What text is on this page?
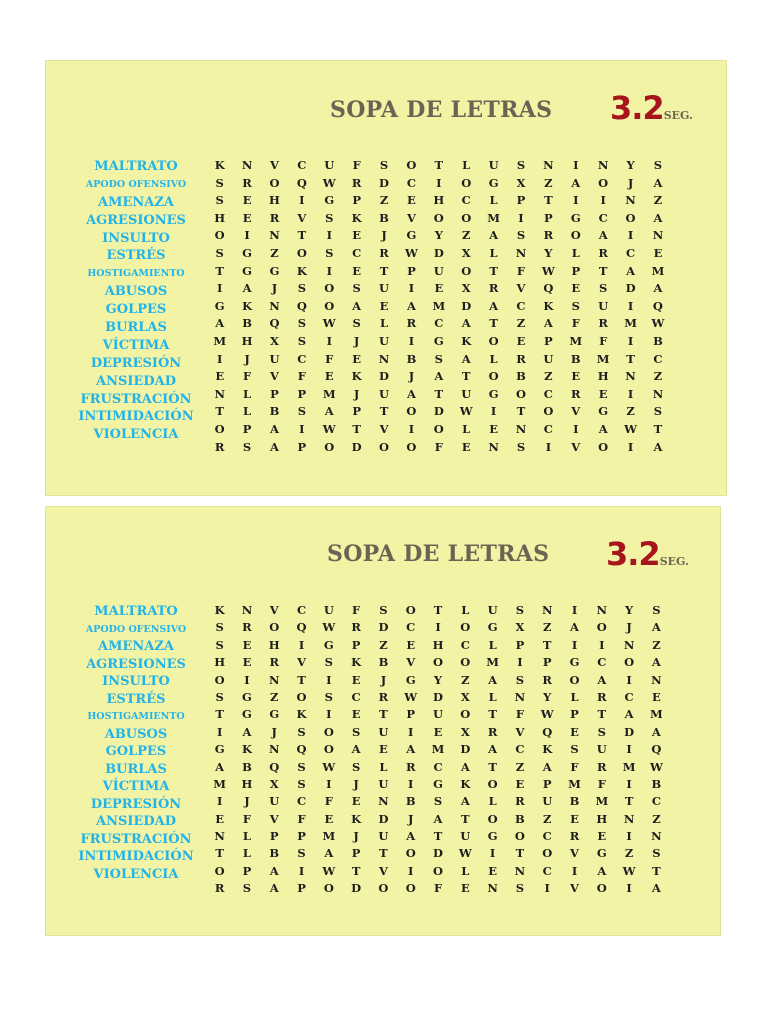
SOPA DE LETRAS 3.2SEG.
MALTRATO
APODO OFENSIVO
AMENAZA
AGRESIONES
INSULTO
ESTRÉS
HOSTIGAMIENTO
ABUSOS
GOLPES
BURLAS
VÍCTIMA
DEPRESIÓN
ANSIEDAD
FRUSTRACIÓN
INTIMIDACIÓN
VIOLENCIA
K	N	V	C	U	F	S	O	T	L	U	S	N	I	N	Y	S
S	R	O	Q	W	R	D	C	I	O	G	X	Z	A	O	J	A
S	E	H	I	G	P	Z	E	H	C	L	P	T	I	I	N	Z
H	E	R	V	S	K	B	V	O	O	M	I	P	G	C	O	A
O	I	N	T	I	E	J	G	Y	Z	A	S	R	O	A	I	N
S	G	Z	O	S	C	R	W	D	X	L	N	Y	L	R	C	E
T	G	G	K	I	E	T	P	U	O	T	F	W	P	T	A	M
I	A	J	S	O	S	U	I	E	X	R	V	Q	E	S	D	A
G	K	N	Q	O	A	E	A	M	D	A	C	K	S	U	I	Q
A	B	Q	S	W	S	L	R	C	A	T	Z	A	F	R	M	W
M	H	X	S	I	J	U	I	G	K	O	E	P	M	F	I	B
I	J	U	C	F	E	N	B	S	A	L	R	U	B	M	T	C
E	F	V	F	E	K	D	J	A	T	O	B	Z	E	H	N	Z
N	L	P	P	M	J	U	A	T	U	G	O	C	R	E	I	N
T	L	B	S	A	P	T	O	D	W	I	T	O	V	G	Z	S
O	P	A	I	W	T	V	I	O	L	E	N	C	I	A	W	T
R	S	A	P	O	D	O	O	F	E	N	S	I	V	O	I	A
SOPA DE LETRAS 3.2SEG.
MALTRATO
APODO OFENSIVO
AMENAZA
AGRESIONES
INSULTO
ESTRÉS
HOSTIGAMIENTO
ABUSOS
GOLPES
BURLAS
VÍCTIMA
DEPRESIÓN
ANSIEDAD
FRUSTRACIÓN
INTIMIDACIÓN
VIOLENCIA
K	N	V	C	U	F	S	O	T	L	U	S	N	I	N	Y	S
S	R	O	Q	W	R	D	C	I	O	G	X	Z	A	O	J	A
S	E	H	I	G	P	Z	E	H	C	L	P	T	I	I	N	Z
H	E	R	V	S	K	B	V	O	O	M	I	P	G	C	O	A
O	I	N	T	I	E	J	G	Y	Z	A	S	R	O	A	I	N
S	G	Z	O	S	C	R	W	D	X	L	N	Y	L	R	C	E
T	G	G	K	I	E	T	P	U	O	T	F	W	P	T	A	M
I	A	J	S	O	S	U	I	E	X	R	V	Q	E	S	D	A
G	K	N	Q	O	A	E	A	M	D	A	C	K	S	U	I	Q
A	B	Q	S	W	S	L	R	C	A	T	Z	A	F	R	M	W
M	H	X	S	I	J	U	I	G	K	O	E	P	M	F	I	B
I	J	U	C	F	E	N	B	S	A	L	R	U	B	M	T	C
E	F	V	F	E	K	D	J	A	T	O	B	Z	E	H	N	Z
N	L	P	P	M	J	U	A	T	U	G	O	C	R	E	I	N
T	L	B	S	A	P	T	O	D	W	I	T	O	V	G	Z	S
O	P	A	I	W	T	V	I	O	L	E	N	C	I	A	W	T
R	S	A	P	O	D	O	O	F	E	N	S	I	V	O	I	A
